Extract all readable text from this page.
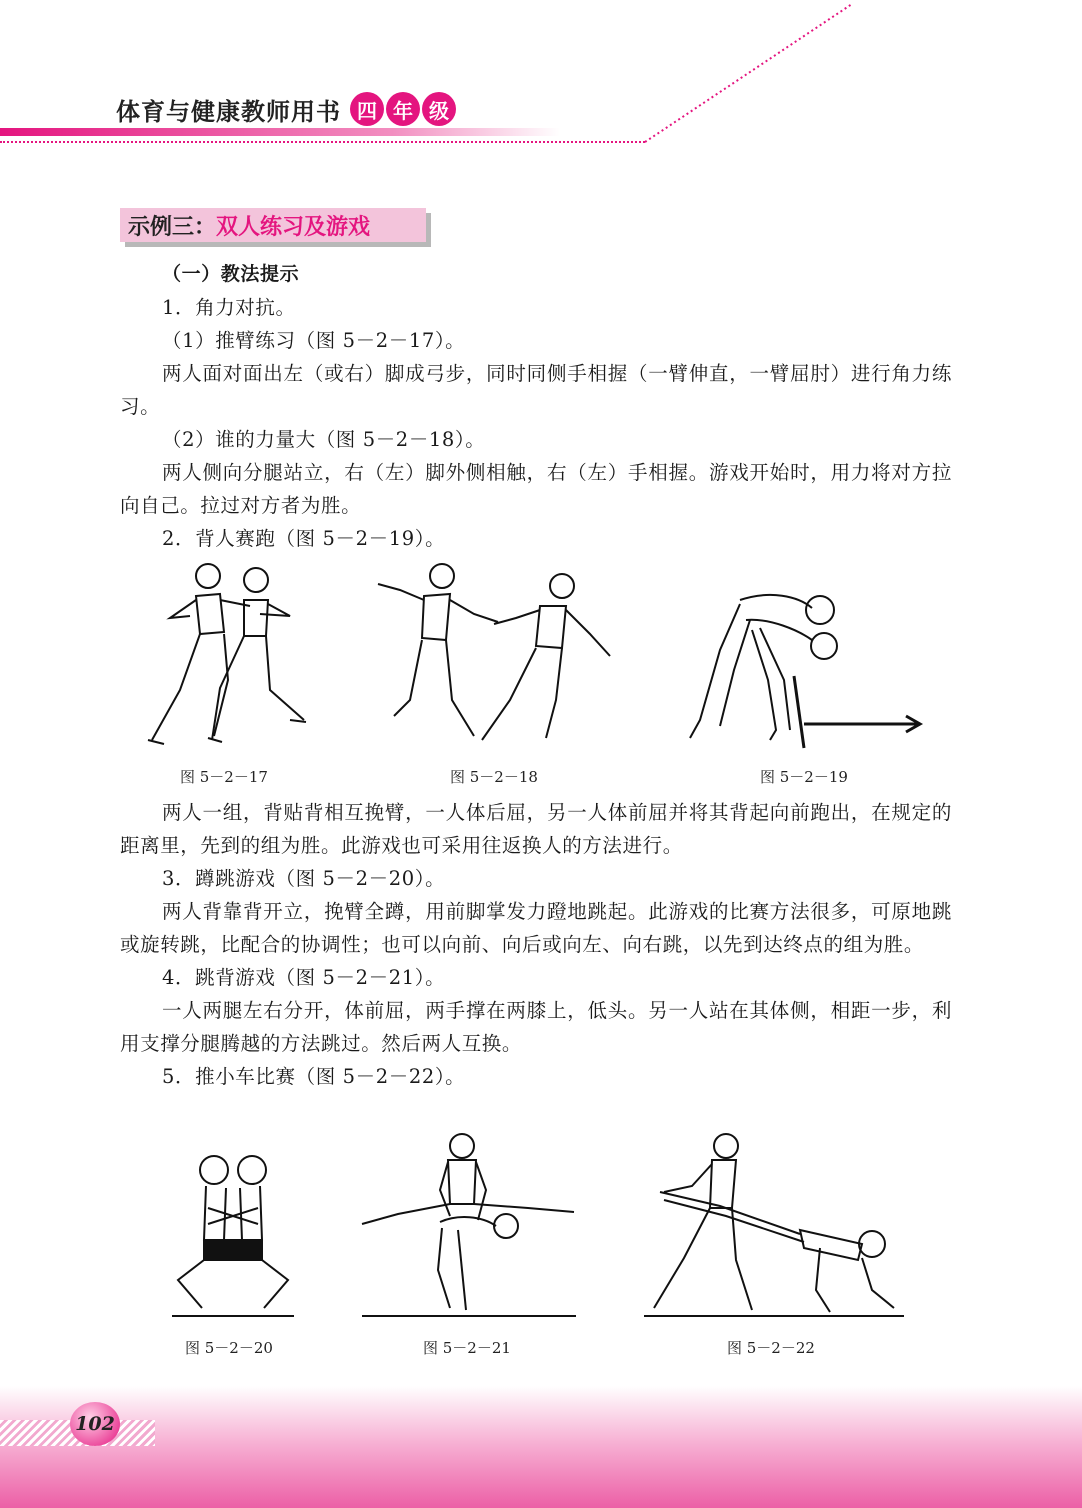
体育与健康教师用书 四 年 级
示例三： 双人练习及游戏

（一）教法提示

1．角力对抗。

（1）推臂练习（图 5－2－17）。

两人面对面出左（或右）脚成弓步，同时同侧手相握（一臂伸直，一臂屈肘）进行角力练习。

（2）谁的力量大（图 5－2－18）。

两人侧向分腿站立，右（左）脚外侧相触，右（左）手相握。游戏开始时，用力将对方拉向自己。拉过对方者为胜。

2．背人赛跑（图 5－2－19）。

图 5－2－17	图 5－2－18	图 5－2－19

两人一组，背贴背相互挽臂，一人体后屈，另一人体前屈并将其背起向前跑出，在规定的距离里，先到的组为胜。此游戏也可采用往返换人的方法进行。

3．蹲跳游戏（图 5－2－20）。

两人背靠背开立，挽臂全蹲，用前脚掌发力蹬地跳起。此游戏的比赛方法很多，可原地跳或旋转跳，比配合的协调性；也可以向前、向后或向左、向右跳，以先到达终点的组为胜。

4．跳背游戏（图 5－2－21）。

一人两腿左右分开，体前屈，两手撑在两膝上，低头。另一人站在其体侧，相距一步，利用支撑分腿腾越的方法跳过。然后两人互换。

5．推小车比赛（图 5－2－22）。

图 5－2－20	图 5－2－21	图 5－2－22
102
